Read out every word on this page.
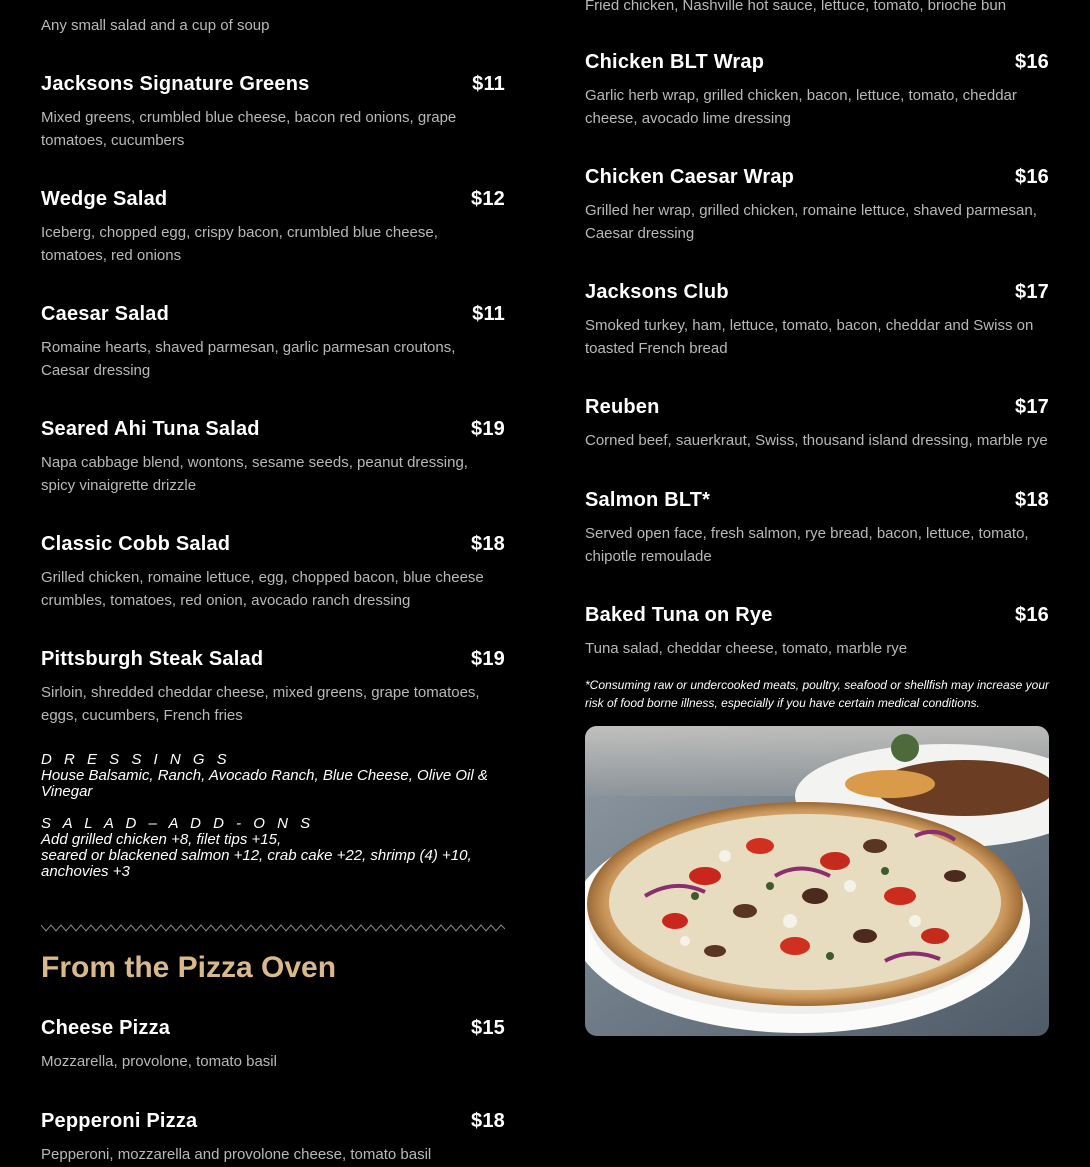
Any small salad and a cup of soup
Jacksons Signature Greens	$11
Mixed greens, crumbled blue cheese, bacon red onions, grape tomatoes, cucumbers
Wedge Salad	$12
Iceberg, chopped egg, crispy bacon, crumbled blue cheese, tomatoes, red onions
Caesar Salad	$11
Romaine hearts, shaved parmesan, garlic parmesan croutons, Caesar dressing
Seared Ahi Tuna Salad	$19
Napa cabbage blend, wontons, sesame seeds, peanut dressing, spicy vinaigrette drizzle
Classic Cobb Salad	$18
Grilled chicken, romaine lettuce, egg, chopped bacon, blue cheese crumbles, tomatoes, red onion, avocado ranch dressing
Pittsburgh Steak Salad	$19
Sirloin, shredded cheddar cheese, mixed greens, grape tomatoes, eggs, cucumbers, French fries
D R E S S I N G S
House Balsamic, Ranch, Avocado Ranch, Blue Cheese, Olive Oil & Vinegar
S A L A D – A D D - O N S
Add grilled chicken +8, filet tips +15,
seared or blackened salmon +12, crab cake +22, shrimp (4) +10, anchovies +3
From the Pizza Oven
Cheese Pizza	$15
Mozzarella, provolone, tomato basil
Pepperoni Pizza	$18
Pepperoni, mozzarella and provolone cheese, tomato basil
Fried chicken, Nashville hot sauce, lettuce, tomato, brioche bun
Chicken BLT Wrap	$16
Garlic herb wrap, grilled chicken, bacon, lettuce, tomato, cheddar cheese, avocado lime dressing
Chicken Caesar Wrap	$16
Grilled her wrap, grilled chicken, romaine lettuce, shaved parmesan, Caesar dressing
Jacksons Club	$17
Smoked turkey, ham, lettuce, tomato, bacon, cheddar and Swiss on toasted French bread
Reuben	$17
Corned beef, sauerkraut, Swiss, thousand island dressing, marble rye
Salmon BLT*	$18
Served open face, fresh salmon, rye bread, bacon, lettuce, tomato, chipotle remoulade
Baked Tuna on Rye	$16
Tuna salad, cheddar cheese, tomato, marble rye
*Consuming raw or undercooked meats, poultry, seafood or shellfish may increase your risk of food borne illness, especially if you have certain medical conditions.
